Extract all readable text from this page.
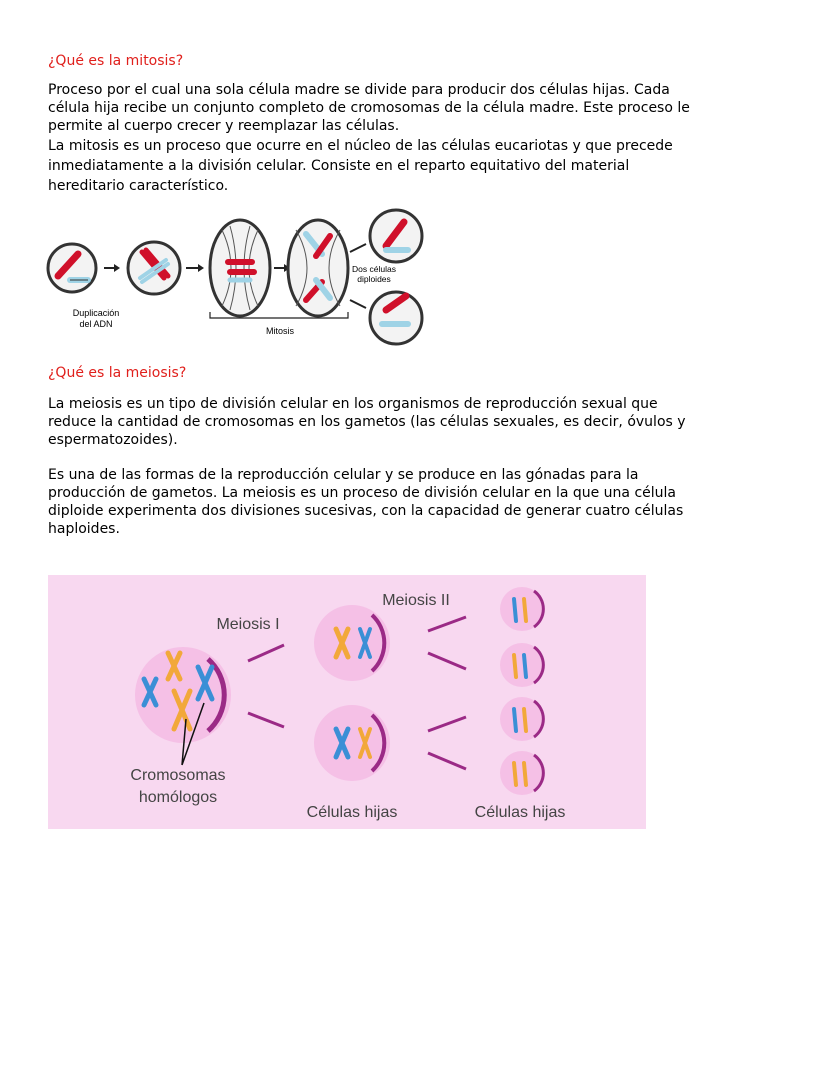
¿Qué es la mitosis?

Proceso por el cual una sola célula madre se divide para producir dos células hijas. Cada
célula hija recibe un conjunto completo de cromosomas de la célula madre. Este proceso le
permite al cuerpo crecer y reemplazar las células.

La mitosis es un proceso que ocurre en el núcleo de las células eucariotas y que precede
inmediatamente a la división celular. Consiste en el reparto equitativo del material
hereditario característico.

Duplicación
del ADN
Mitosis
Dos células
diploides
¿Qué es la meiosis?

La meiosis es un tipo de división celular en los organismos de reproducción sexual que
reduce la cantidad de cromosomas en los gametos (las células sexuales, es decir, óvulos y
espermatozoides).

Es una de las formas de la reproducción celular y se produce en las gónadas para la
producción de gametos. La meiosis es un proceso de división celular en la que una célula
diploide experimenta dos divisiones sucesivas, con la capacidad de generar cuatro células
haploides.

Cromosomas
homólogos
Meiosis I
Células hijas
Meiosis II
Células hijas
